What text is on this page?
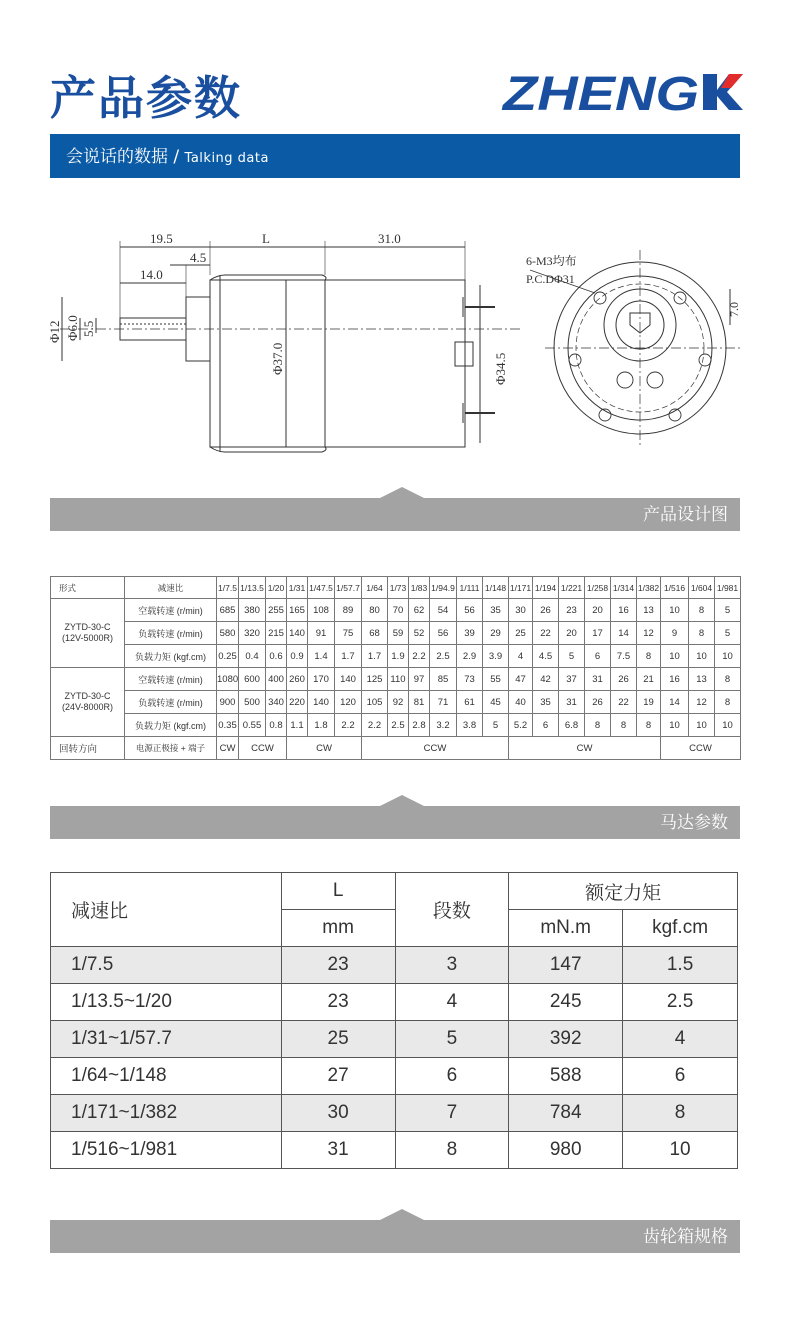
产品参数	ZHENG
会说话的数据 / Talking data
19.5	L	31.0
4.5
14.0
Φ12 Φ6.0 5.5
Φ37.0	Φ34.5
6-M3均布
P.C.DΦ31
7.0
产品设计图
形式	减速比	1/7.5	1/13.5	1/20	1/31	1/47.5	1/57.7	1/64	1/73	1/83	1/94.9	1/111	1/148	1/171	1/194	1/221	1/258	1/314	1/382	1/516	1/604	1/981

ZYTD-30-C
(12V-5000R)	空载转速 (r/min)	685	380	255	165	108	89	80	70	62	54	56	35	30	26	23	20	16	13	10	8	5
	负载转速 (r/min)	580	320	215	140	91	75	68	59	52	56	39	29	25	22	20	17	14	12	9	8	5
	负载力矩 (kgf.cm)	0.25	0.4	0.6	0.9	1.4	1.7	1.7	1.9	2.2	2.5	2.9	3.9	4	4.5	5	6	7.5	8	10	10	10

ZYTD-30-C
(24V-8000R)	空载转速 (r/min)	1080	600	400	260	170	140	125	110	97	85	73	55	47	42	37	31	26	21	16	13	8
	负载转速 (r/min)	900	500	340	220	140	120	105	92	81	71	61	45	40	35	31	26	22	19	14	12	8
	负载力矩 (kgf.cm)	0.35	0.55	0.8	1.1	1.8	2.2	2.2	2.5	2.8	3.2	3.8	5	5.2	6	6.8	8	8	8	10	10	10
回转方向	电源正极接 + 端子	CW	CCW		CW			CCW						CW						CCW		
马达参数
减速比	L	段数	额定力矩	
	mm		mN.m	kgf.cm
1/7.5	23	3	147	1.5
1/13.5~1/20	23	4	245	2.5
1/31~1/57.7	25	5	392	4
1/64~1/148	27	6	588	6
1/171~1/382	30	7	784	8
1/516~1/981	31	8	980	10
齿轮箱规格
